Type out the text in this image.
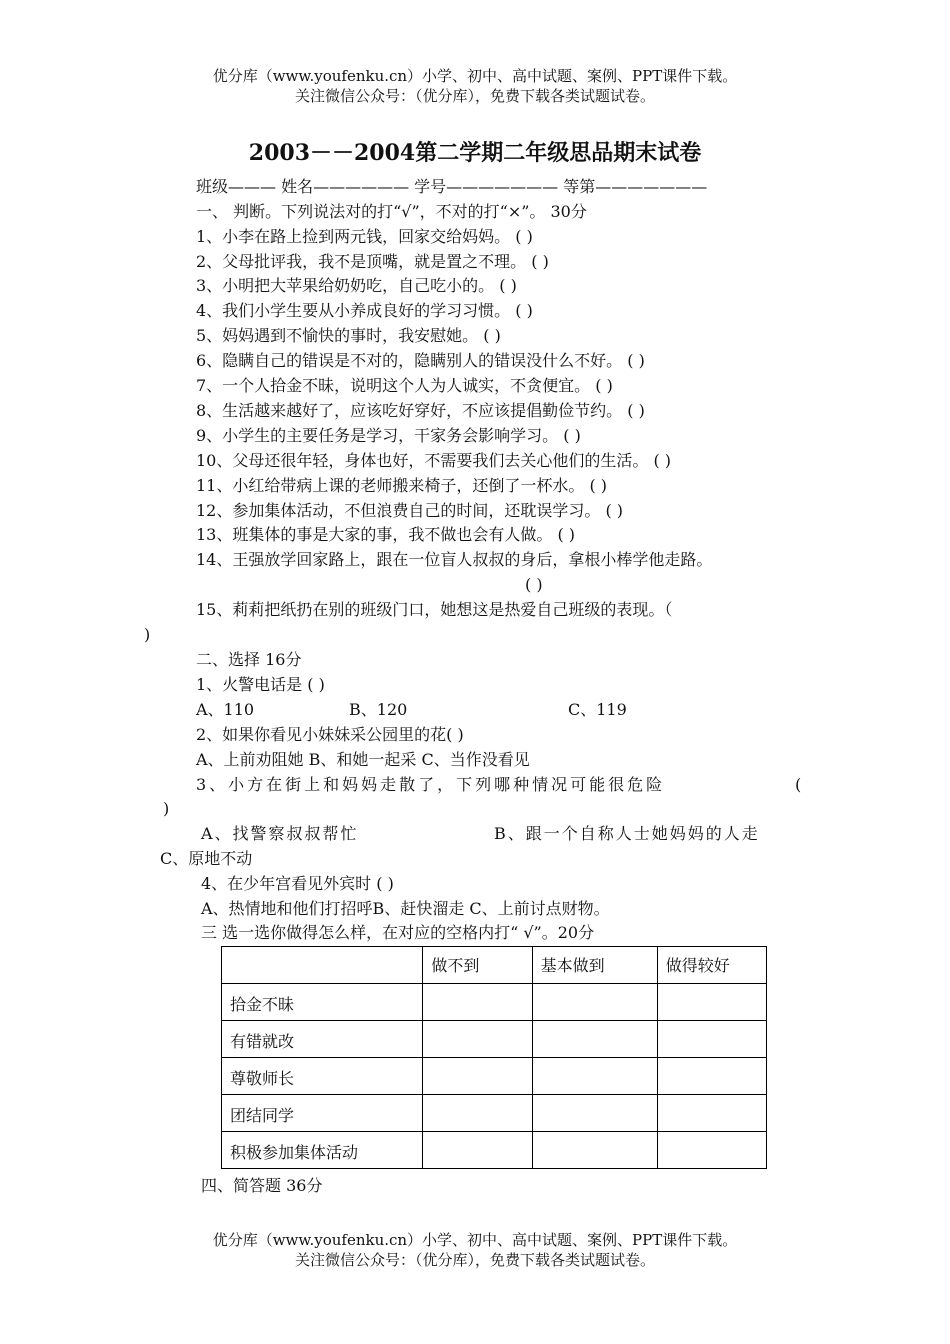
优分库（www.youfenku.cn）小学、初中、高中试题、案例、PPT课件下载。
关注微信公众号：（优分库），免费下载各类试题试卷。
2003－－2004第二学期二年级思品期末试卷
班级——— 姓名—————— 学号——————— 等第———————
一、 判断。下列说法对的打“√”，不对的打“×”。 30分
1、小李在路上捡到两元钱，回家交给妈妈。 ( )
2、父母批评我，我不是顶嘴，就是置之不理。 ( )
3、小明把大苹果给奶奶吃，自己吃小的。 ( )
4、我们小学生要从小养成良好的学习习惯。 ( )
5、妈妈遇到不愉快的事时，我安慰她。 ( )
6、隐瞒自己的错误是不对的，隐瞒别人的错误没什么不好。 ( )
7、一个人拾金不昧，说明这个人为人诚实，不贪便宜。 ( )
8、生活越来越好了，应该吃好穿好，不应该提倡勤俭节约。 ( )
9、小学生的主要任务是学习，干家务会影响学习。 ( )
10、父母还很年轻，身体也好，不需要我们去关心他们的生活。 ( )
11、小红给带病上课的老师搬来椅子，还倒了一杯水。 ( )
12、参加集体活动，不但浪费自己的时间，还耽误学习。 ( )
13、班集体的事是大家的事，我不做也会有人做。 ( )
14、王强放学回家路上，跟在一位盲人叔叔的身后，拿根小棒学他走路。
( )
15、莉莉把纸扔在别的班级门口，她想这是热爱自己班级的表现。（
)
二、选择 16分
1、火警电话是 ( )
A、110	B、120	C、119
2、如果你看见小妹妹采公园里的花( )
A、上前劝阻她 B、和她一起采 C、当作没看见
3、小方在街上和妈妈走散了，下列哪种情况可能很危险	(
)
A、找警察叔叔帮忙	B、跟一个自称人士她妈妈的人走
C、原地不动
4、在少年宫看见外宾时 ( )
A、热情地和他们打招呼B、赶快溜走 C、上前讨点财物。
三 选一选你做得怎么样，在对应的空格内打“ √”。20分

	做不到	基本做到	做得较好

拾金不昧			

有错就改			

尊敬师长			

团结同学			

积极参加集体活动			

四、简答题 36分
优分库（www.youfenku.cn）小学、初中、高中试题、案例、PPT课件下载。
关注微信公众号：（优分库），免费下载各类试题试卷。
